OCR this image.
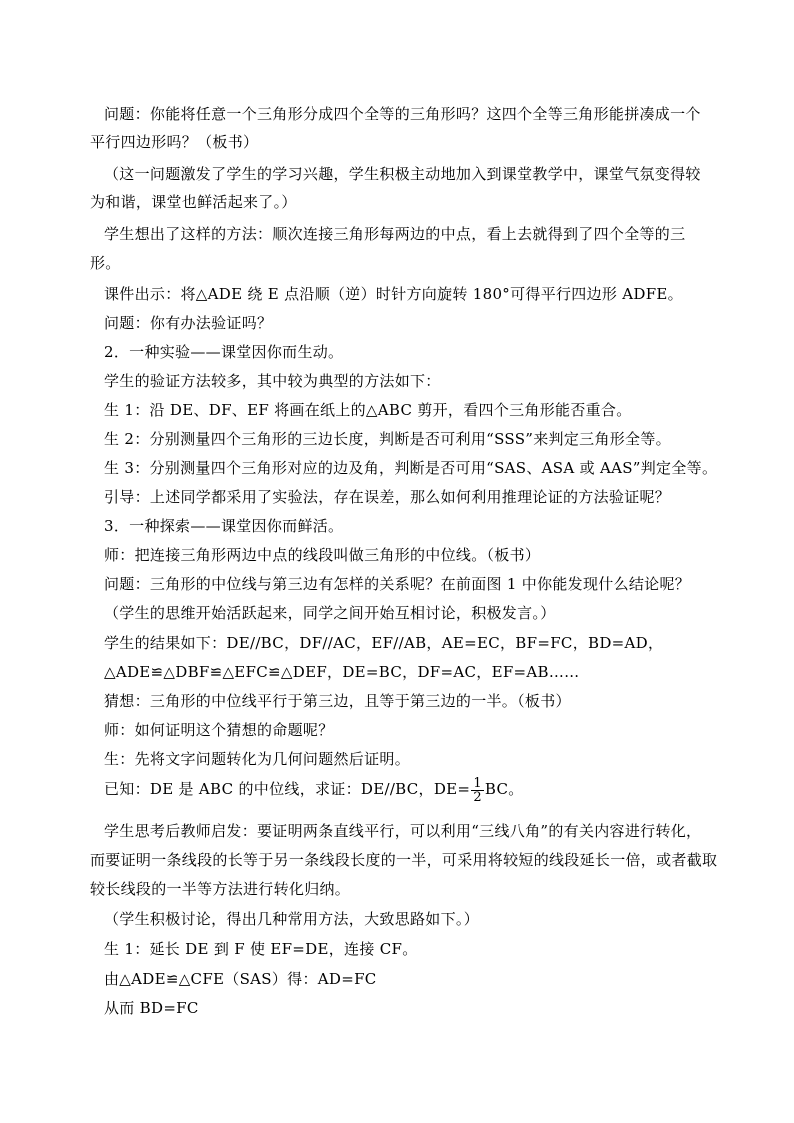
问题：你能将任意一个三角形分成四个全等的三角形吗？这四个全等三角形能拼凑成一个
平行四边形吗？（板书）
（这一问题激发了学生的学习兴趣，学生积极主动地加入到课堂教学中，课堂气氛变得较
为和谐，课堂也鲜活起来了。）
学生想出了这样的方法：顺次连接三角形每两边的中点，看上去就得到了四个全等的三
形。
课件出示：将△ADE 绕 E 点沿顺（逆）时针方向旋转 180°可得平行四边形 ADFE。
问题：你有办法验证吗？
2．一种实验——课堂因你而生动。
学生的验证方法较多，其中较为典型的方法如下：
生 1：沿 DE、DF、EF 将画在纸上的△ABC 剪开，看四个三角形能否重合。
生 2：分别测量四个三角形的三边长度，判断是否可利用“SSS”来判定三角形全等。
生 3：分别测量四个三角形对应的边及角，判断是否可用“SAS、ASA 或 AAS”判定全等。
引导：上述同学都采用了实验法，存在误差，那么如何利用推理论证的方法验证呢？
3．一种探索——课堂因你而鲜活。
师：把连接三角形两边中点的线段叫做三角形的中位线。（板书）
问题：三角形的中位线与第三边有怎样的关系呢？在前面图 1 中你能发现什么结论呢？
（学生的思维开始活跃起来，同学之间开始互相讨论，积极发言。）
学生的结果如下：DE//BC，DF//AC，EF//AB，AE=EC，BF=FC，BD=AD，
△ADE≌△DBF≌△EFC≌△DEF，DE=BC，DF=AC，EF=AB……
猜想：三角形的中位线平行于第三边，且等于第三边的一半。（板书）
师：如何证明这个猜想的命题呢？
生：先将文字问题转化为几何问题然后证明。
已知：DE 是 ABC 的中位线，求证：DE//BC，$DE= \frac{1}{2}$ BC。
学生思考后教师启发：要证明两条直线平行，可以利用“三线八角”的有关内容进行转化，
而要证明一条线段的长等于另一条线段长度的一半，可采用将较短的线段延长一倍，或者截取
较长线段的一半等方法进行转化归纳。
（学生积极讨论，得出几种常用方法，大致思路如下。）
生 1：延长 DE 到 F 使 EF=DE，连接 CF。
由△ADE≌△CFE（SAS）得：AD=FC
从而 BD=FC
